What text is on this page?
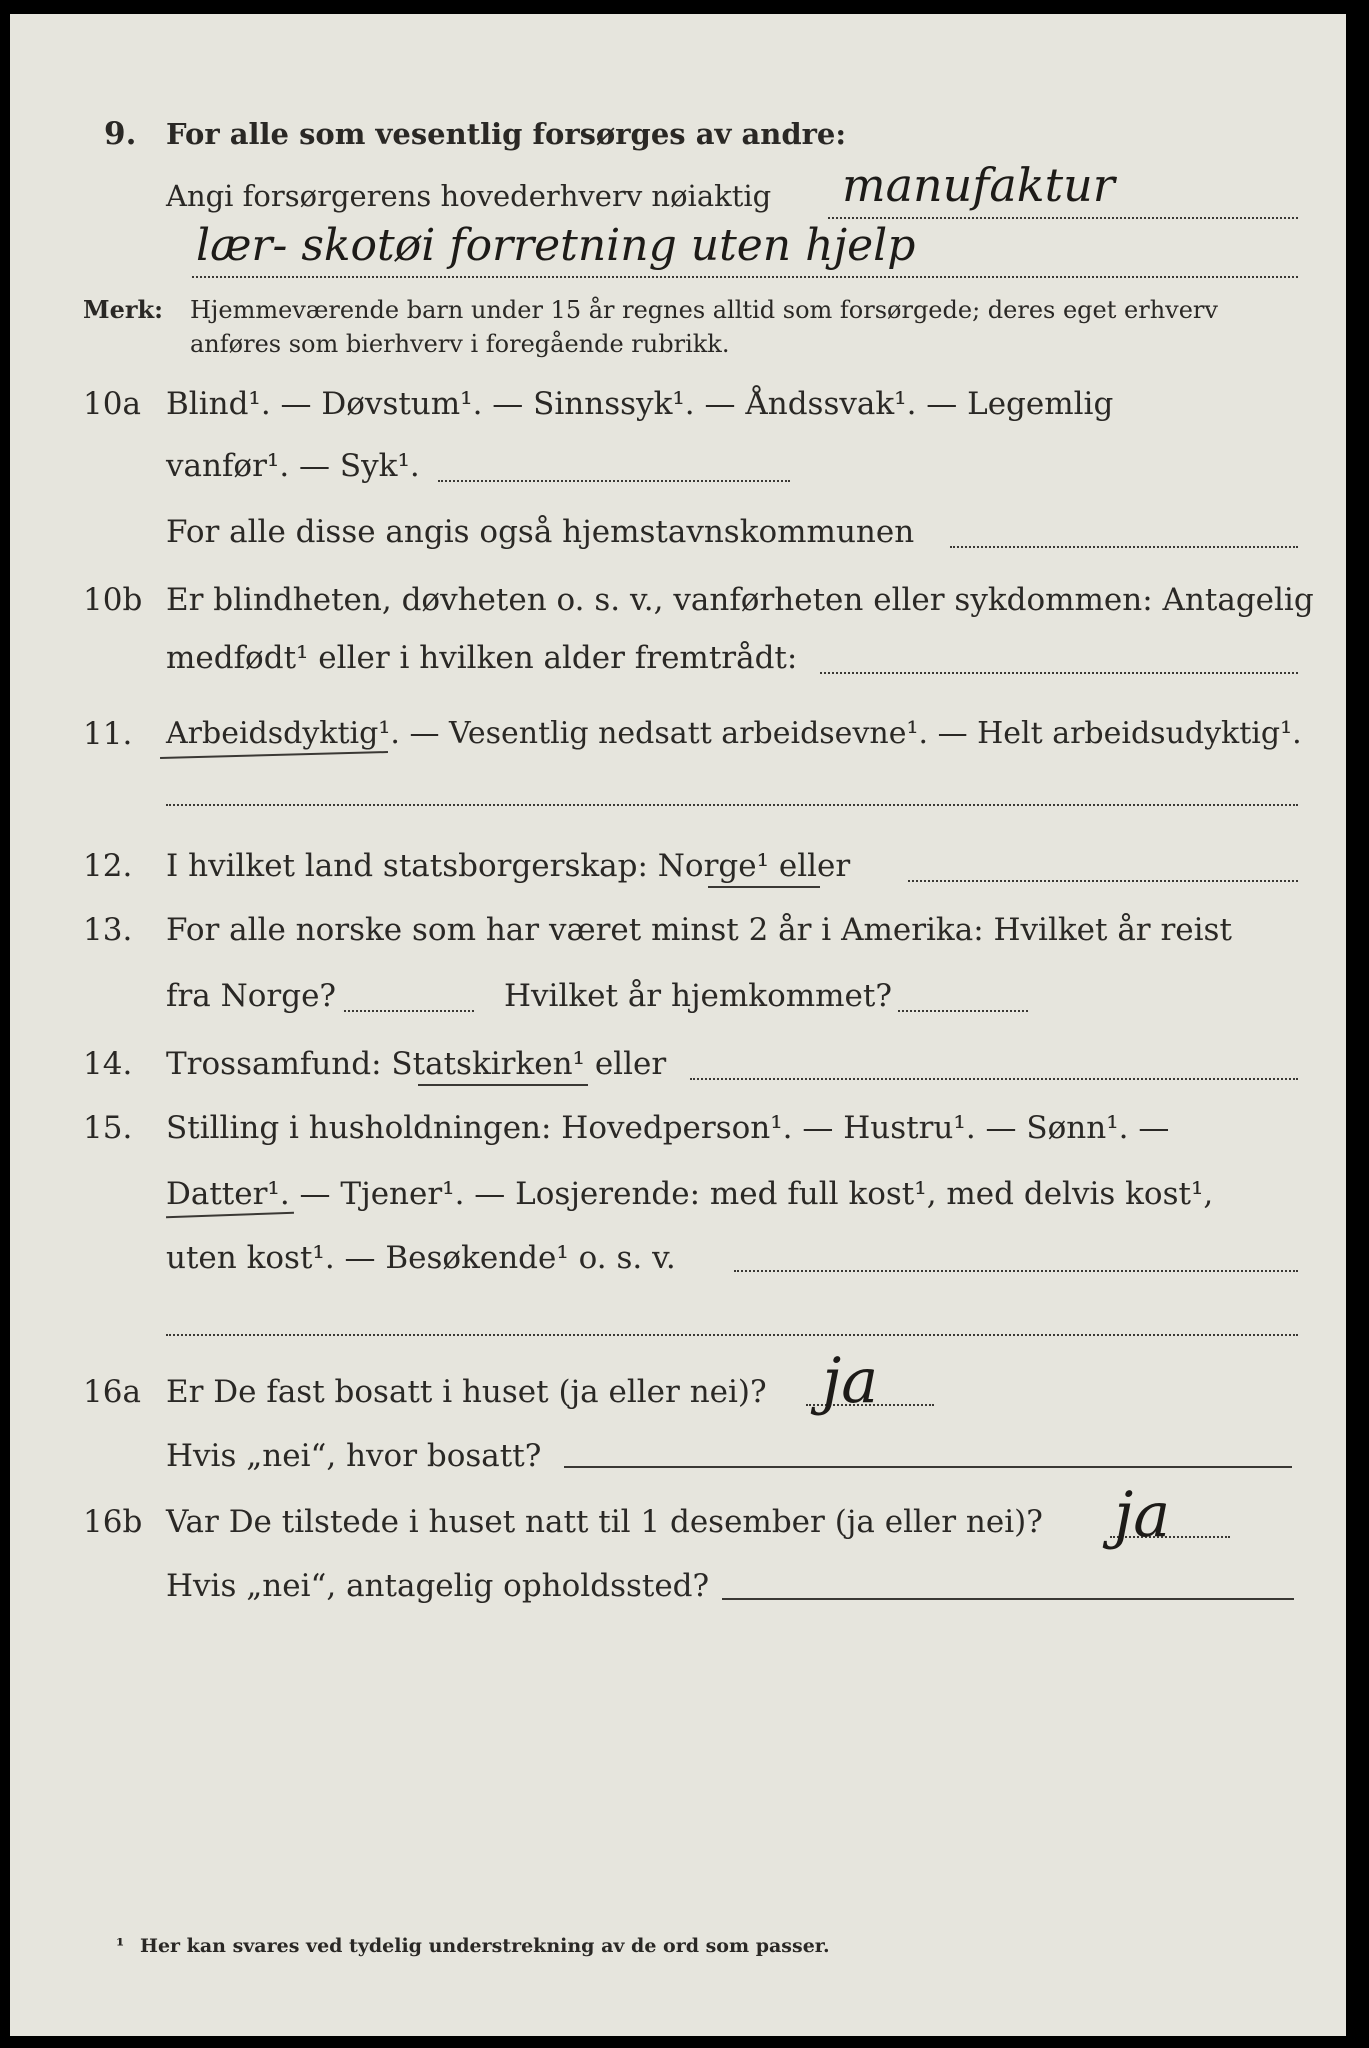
9.	For alle som vesentlig forsørges av andre:
Angi forsørgerens hovederhverv nøiaktig manufaktur
lær- skotøi forretning uten hjelp
Merk: Hjemmeværende barn under 15 år regnes alltid som forsørgede; deres eget erhverv
anføres som bierhverv i foregående rubrikk.
10a Blind¹. — Døvstum¹. — Sinnssyk¹. — Åndssvak¹. — Legemlig
vanfør¹. — Syk¹.
For alle disse angis også hjemstavnskommunen
10b Er blindheten, døvheten o. s. v., vanførheten eller sykdommen: Antagelig
medfødt¹ eller i hvilken alder fremtrådt:
11.	Arbeidsdyktig¹. — Vesentlig nedsatt arbeidsevne¹. — Helt arbeidsudyktig¹.
12.	I hvilket land statsborgerskap: Norge¹ eller
13.	For alle norske som har været minst 2 år i Amerika: Hvilket år reist
fra Norge?	Hvilket år hjemkommet?
14.	Trossamfund: Statskirken¹ eller
15.	Stilling i husholdningen: Hovedperson¹. — Hustru¹. — Sønn¹. —
Datter¹. — Tjener¹. — Losjerende: med full kost¹, med delvis kost¹,
uten kost¹. — Besøkende¹ o. s. v.
16a Er De fast bosatt i huset (ja eller nei)? ja
Hvis „nei“, hvor bosatt?
16b Var De tilstede i huset natt til 1 desember (ja eller nei)? ja
Hvis „nei“, antagelig opholdssted?
¹ Her kan svares ved tydelig understrekning av de ord som passer.
